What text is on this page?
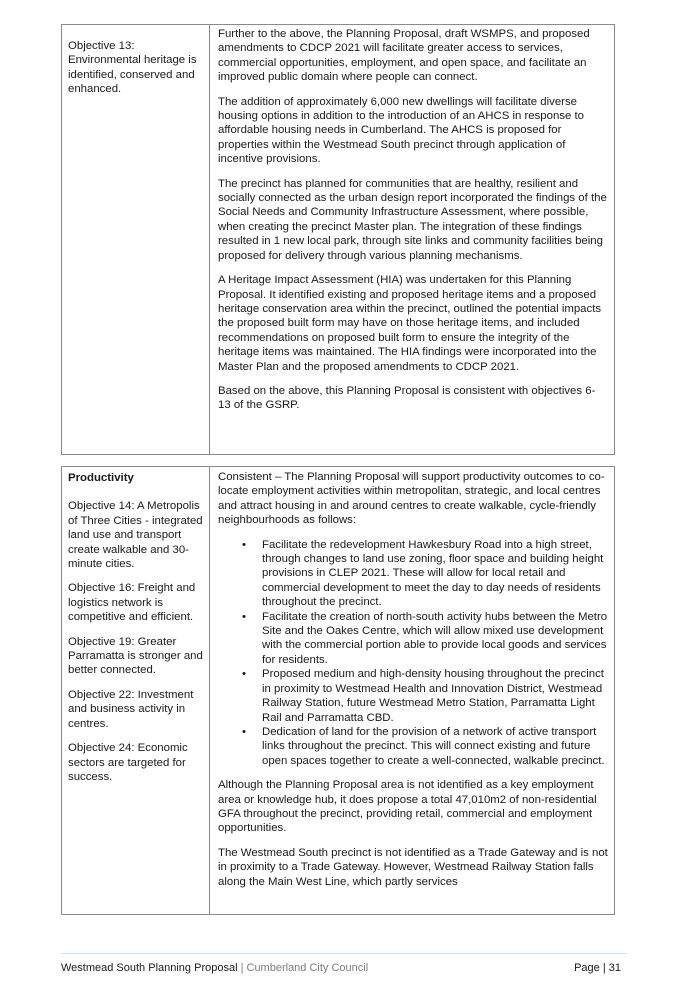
Objective 13: Environmental heritage is identified, conserved and enhanced.

Further to the above, the Planning Proposal, draft WSMPS, and proposed amendments to CDCP 2021 will facilitate greater access to services, commercial opportunities, employment, and open space, and facilitate an improved public domain where people can connect.

The addition of approximately 6,000 new dwellings will facilitate diverse housing options in addition to the introduction of an AHCS in response to affordable housing needs in Cumberland. The AHCS is proposed for properties within the Westmead South precinct through application of incentive provisions.

The precinct has planned for communities that are healthy, resilient and socially connected as the urban design report incorporated the findings of the Social Needs and Community Infrastructure Assessment, where possible, when creating the precinct Master plan. The integration of these findings resulted in 1 new local park, through site links and community facilities being proposed for delivery through various planning mechanisms.

A Heritage Impact Assessment (HIA) was undertaken for this Planning Proposal. It identified existing and proposed heritage items and a proposed heritage conservation area within the precinct, outlined the potential impacts the proposed built form may have on those heritage items, and included recommendations on proposed built form to ensure the integrity of the heritage items was maintained. The HIA findings were incorporated into the Master Plan and the proposed amendments to CDCP 2021.

Based on the above, this Planning Proposal is consistent with objectives 6-13 of the GSRP.

Productivity

Objective 14: A Metropolis of Three Cities - integrated land use and transport create walkable and 30-minute cities.

Objective 16: Freight and logistics network is competitive and efficient.

Objective 19: Greater Parramatta is stronger and better connected.

Objective 22: Investment and business activity in centres.

Objective 24: Economic sectors are targeted for success.

Consistent – The Planning Proposal will support productivity outcomes to co-locate employment activities within metropolitan, strategic, and local centres and attract housing in and around centres to create walkable, cycle-friendly neighbourhoods as follows:

• Facilitate the redevelopment Hawkesbury Road into a high street, through changes to land use zoning, floor space and building height provisions in CLEP 2021. These will allow for local retail and commercial development to meet the day to day needs of residents throughout the precinct.
• Facilitate the creation of north-south activity hubs between the Metro Site and the Oakes Centre, which will allow mixed use development with the commercial portion able to provide local goods and services for residents.
• Proposed medium and high-density housing throughout the precinct in proximity to Westmead Health and Innovation District, Westmead Railway Station, future Westmead Metro Station, Parramatta Light Rail and Parramatta CBD.
• Dedication of land for the provision of a network of active transport links throughout the precinct. This will connect existing and future open spaces together to create a well-connected, walkable precinct.

Although the Planning Proposal area is not identified as a key employment area or knowledge hub, it does propose a total 47,010m2 of non-residential GFA throughout the precinct, providing retail, commercial and employment opportunities.

The Westmead South precinct is not identified as a Trade Gateway and is not in proximity to a Trade Gateway. However, Westmead Railway Station falls along the Main West Line, which partly services

Westmead South Planning Proposal | Cumberland City Council	Page | 31
